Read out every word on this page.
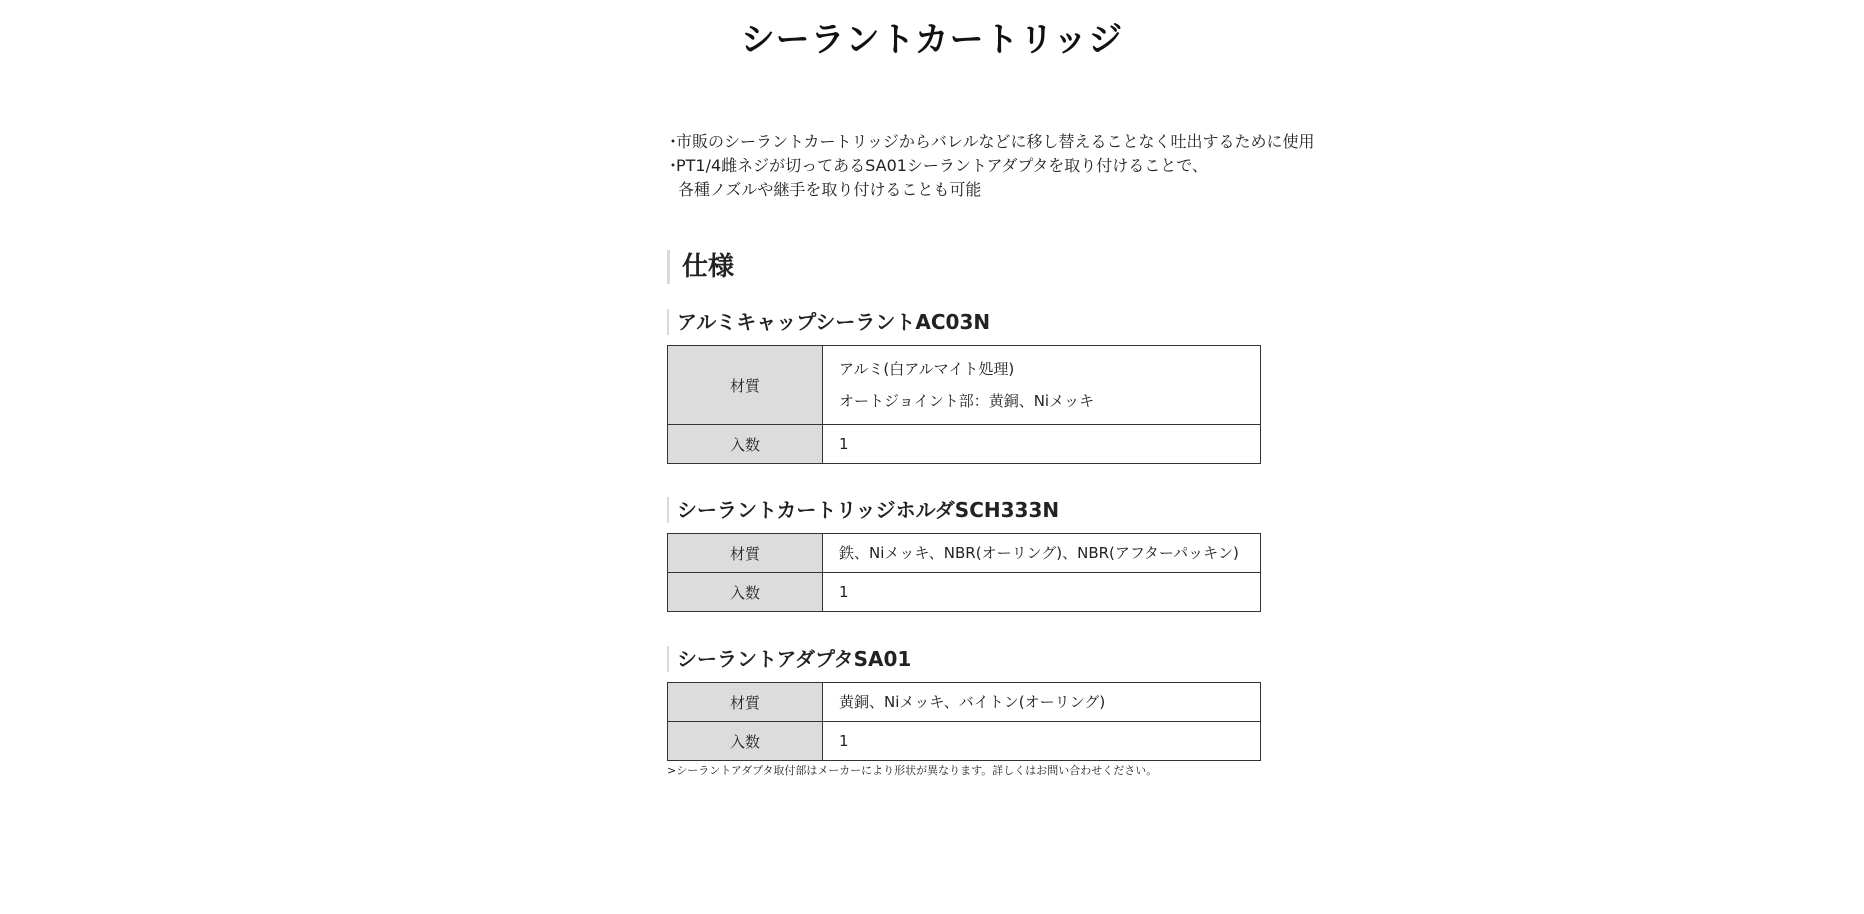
シーラントカートリッジ
・ 市販のシーラントカートリッジからバレルなどに移し替えることなく吐出するために使用
・ PT1/4雌ネジが切ってあるSA01シーラントアダプタを取り付けることで、
各種ノズルや継手を取り付けることも可能
仕様
アルミキャップシーラントAC03N
材質	アルミ(白アルマイト処理)
オートジョイント部：黄銅、Niメッキ

入数	1
シーラントカートリッジホルダSCH333N
材質	鉄、Niメッキ、NBR(オーリング)、NBR(アフターパッキン)
入数	1
シーラントアダプタSA01
材質	黄銅、Niメッキ、バイトン(オーリング)
入数	1

>シーラントアダプタ取付部はメーカーにより形状が異なります。詳しくはお問い合わせください。
